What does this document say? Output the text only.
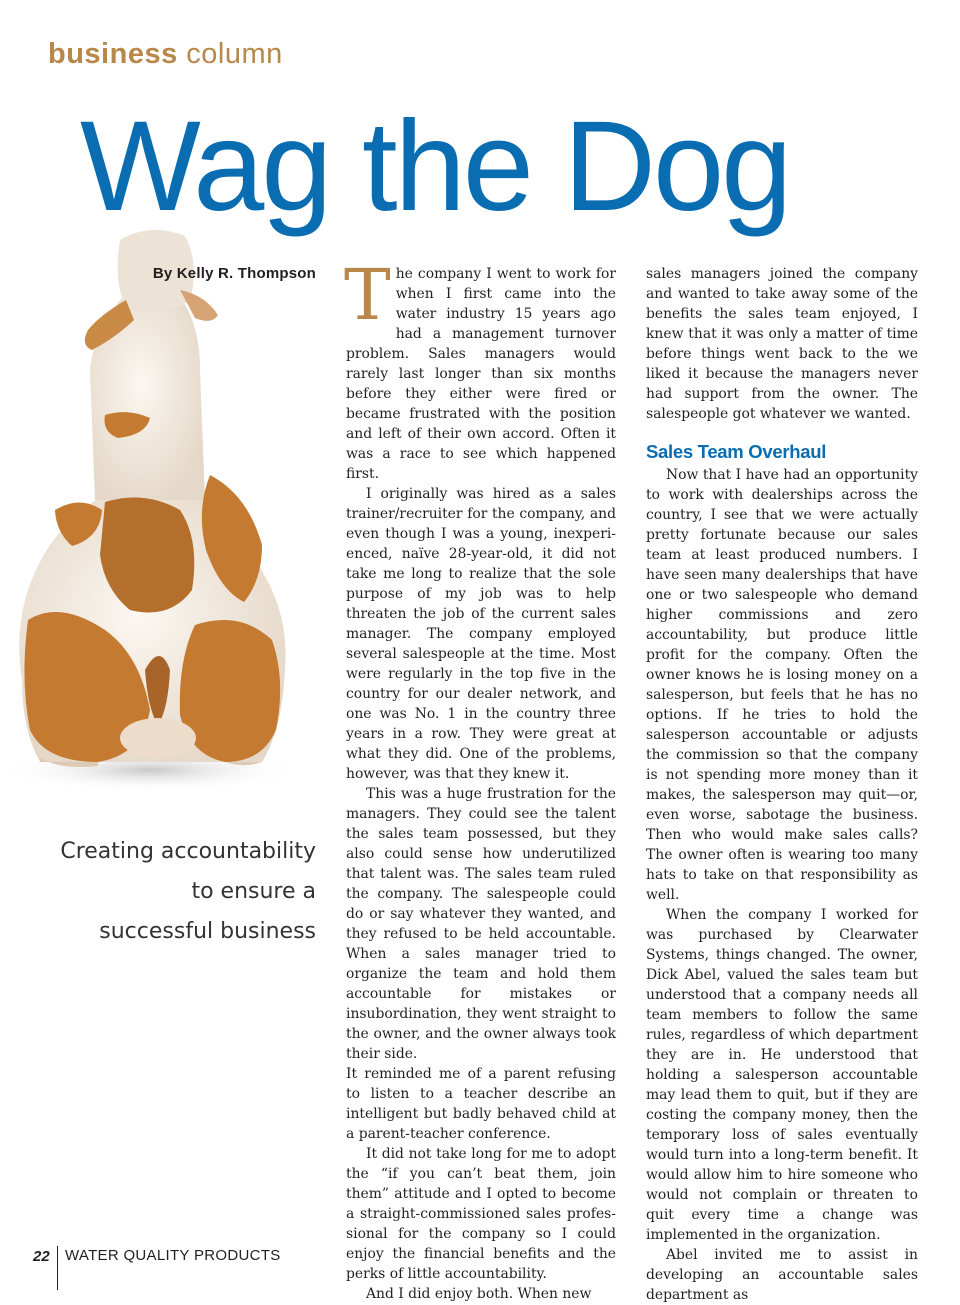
business column
Wag the Dog
By Kelly R. Thompson
Creating accountability
to ensure a
successful business

The company I went to work for when I first came into the water industry 15 years ago had a management turnover problem. Sales managers would rarely last longer than six months before they either were fired or became frustrated with the position and left of their own accord. Often it was a race to see which happened first.

I originally was hired as a sales trainer/recruiter for the company, and even though I was a young, inexperienced, naïve 28-year-old, it did not take me long to realize that the sole purpose of my job was to help threaten the job of the current sales manager. The company employed several salespeople at the time. Most were regularly in the top five in the country for our dealer network, and one was No. 1 in the country three years in a row. They were great at what they did. One of the problems, however, was that they knew it.

This was a huge frustration for the managers. They could see the talent the sales team possessed, but they also could sense how underutilized that talent was. The sales team ruled the company. The salespeople could do or say whatever they wanted, and they refused to be held accountable. When a sales manager tried to organize the team and hold them accountable for mistakes or insubordination, they went straight to the owner, and the owner always took their side.

It reminded me of a parent refusing to listen to a teacher describe an intelligent but badly behaved child at a parent-teacher conference.

It did not take long for me to adopt the “if you can’t beat them, join them” attitude and I opted to become a straight-commissioned sales professional for the company so I could enjoy the financial benefits and the perks of little accountability.

And I did enjoy both. When new

sales managers joined the company and wanted to take away some of the benefits the sales team enjoyed, I knew that it was only a matter of time before things went back to the we liked it because the managers never had support from the owner. The salespeople got whatever we wanted.

Sales Team Overhaul

Now that I have had an opportunity to work with dealerships across the country, I see that we were actually pretty fortunate because our sales team at least produced numbers. I have seen many dealerships that have one or two salespeople who demand higher commissions and zero accountability, but produce little profit for the company. Often the owner knows he is losing money on a salesperson, but feels that he has no options. If he tries to hold the salesperson accountable or adjusts the commission so that the company is not spending more money than it makes, the salesperson may quit—or, even worse, sabotage the business. Then who would make sales calls? The owner often is wearing too many hats to take on that responsibility as well.

When the company I worked for was purchased by Clearwater Systems, things changed. The owner, Dick Abel, valued the sales team but understood that a company needs all team members to follow the same rules, regardless of which department they are in. He understood that holding a salesperson accountable may lead them to quit, but if they are costing the company money, then the temporary loss of sales eventually would turn into a long-term benefit. It would allow him to hire someone who would not complain or threaten to quit every time a change was implemented in the organization.

Abel invited me to assist in developing an accountable sales department as

22 WATER QUALITY PRODUCTS
